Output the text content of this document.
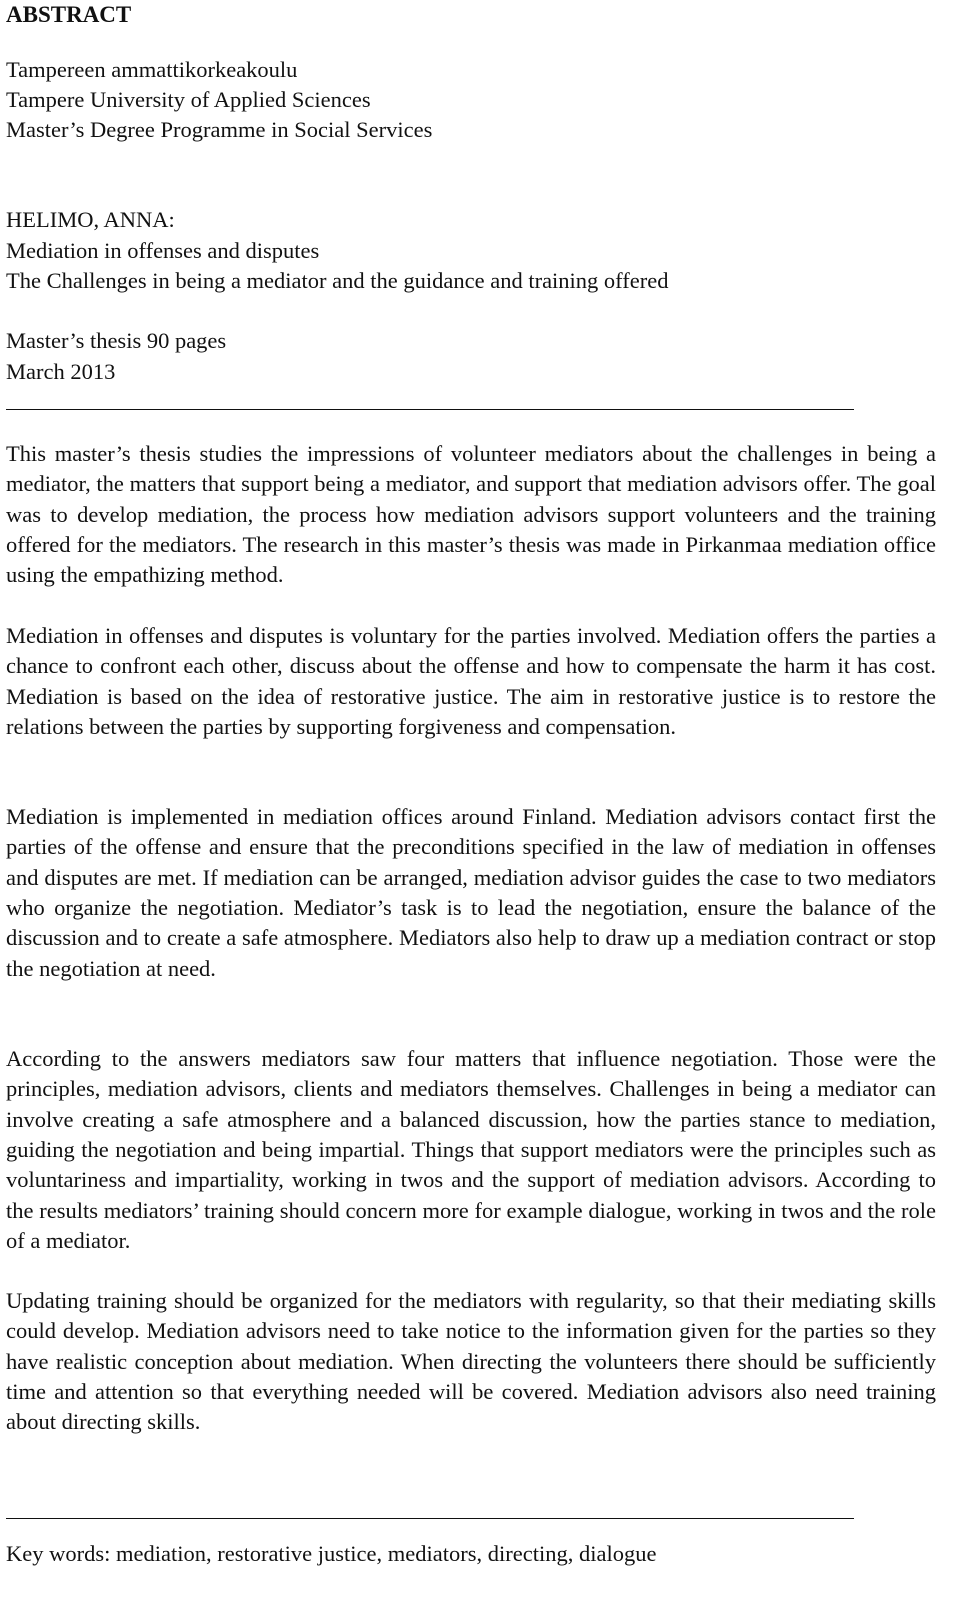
ABSTRACT
Tampereen ammattikorkeakoulu
Tampere University of Applied Sciences
Master’s Degree Programme in Social Services
HELIMO, ANNA:
Mediation in offenses and disputes
The Challenges in being a mediator and the guidance and training offered
Master’s thesis 90 pages
March 2013

This master’s thesis studies the impressions of volunteer mediators about the challenges in being a mediator, the matters that support being a mediator, and support that mediation advisors offer. The goal was to develop mediation, the process how mediation advisors support volunteers and the training offered for the mediators. The research in this master’s thesis was made in Pirkanmaa mediation office using the empathizing method.

Mediation in offenses and disputes is voluntary for the parties involved. Mediation offers the parties a chance to confront each other, discuss about the offense and how to compensate the harm it has cost. Mediation is based on the idea of restorative justice. The aim in restorative justice is to restore the relations between the parties by supporting forgiveness and compensation.

Mediation is implemented in mediation offices around Finland. Mediation advisors contact first the parties of the offense and ensure that the preconditions specified in the law of mediation in offenses and disputes are met. If mediation can be arranged, mediation advisor guides the case to two mediators who organize the negotiation. Mediator’s task is to lead the negotiation, ensure the balance of the discussion and to create a safe atmosphere. Mediators also help to draw up a mediation contract or stop the negotiation at need.

According to the answers mediators saw four matters that influence negotiation. Those were the principles, mediation advisors, clients and mediators themselves. Challenges in being a mediator can involve creating a safe atmosphere and a balanced discussion, how the parties stance to mediation, guiding the negotiation and being impartial. Things that support mediators were the principles such as voluntariness and impartiality, working in twos and the support of mediation advisors. According to the results mediators’ training should concern more for example dialogue, working in twos and the role of a mediator.

Updating training should be organized for the mediators with regularity, so that their mediating skills could develop. Mediation advisors need to take notice to the information given for the parties so they have realistic conception about mediation. When directing the volunteers there should be sufficiently time and attention so that everything needed will be covered. Mediation advisors also need training about directing skills.

Key words: mediation, restorative justice, mediators, directing, dialogue
